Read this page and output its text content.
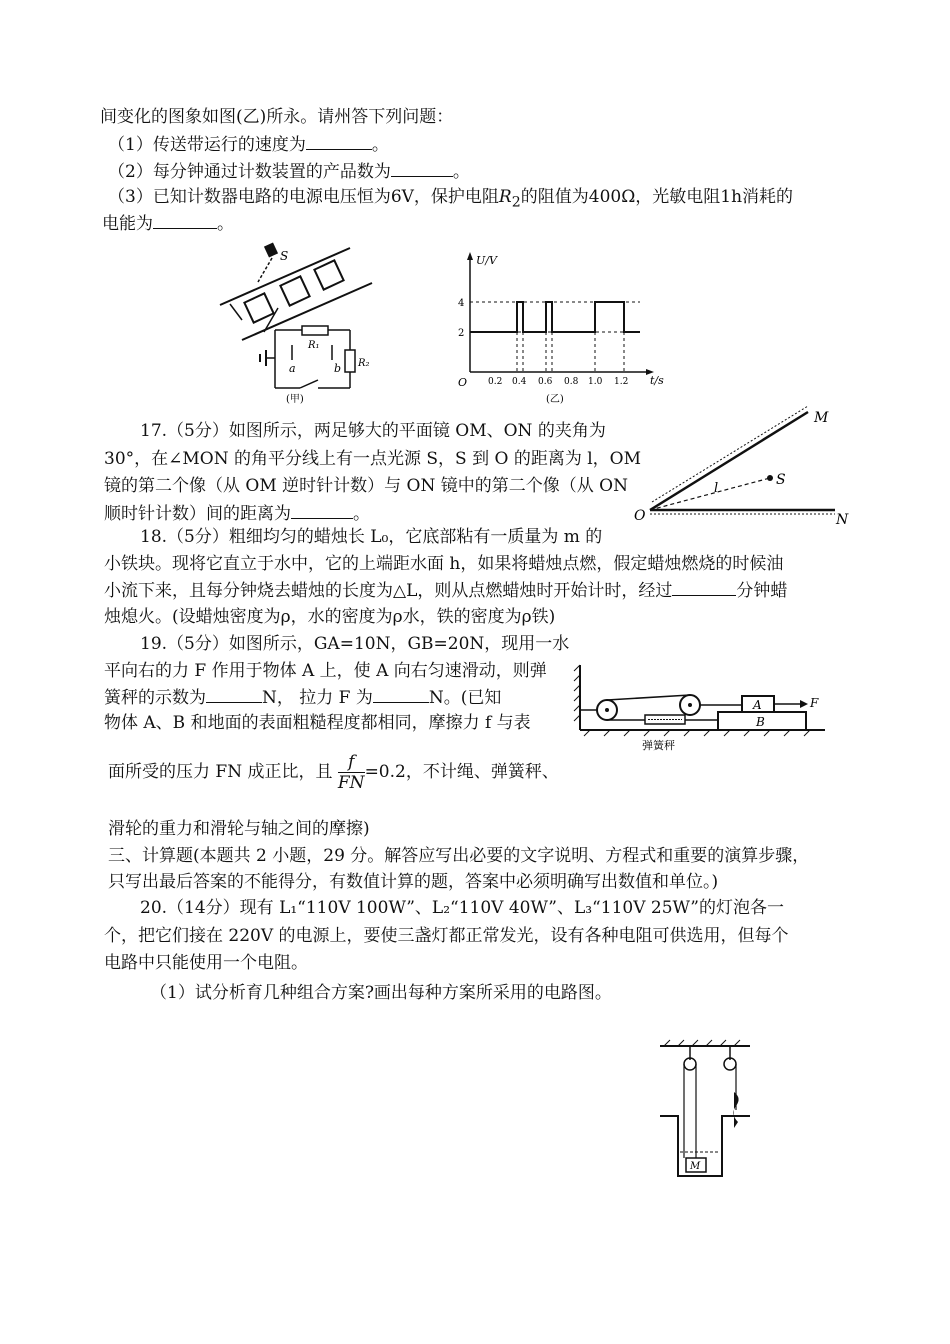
间变化的图象如图(乙)所永。请州答下列问题：
（1）传送带运行的速度为	。
（2）每分钟通过计数装置的产品数为	。
（3）已知计数器电路的电源电压恒为6V，保护电阻$R_2$的阻值为400Ω，光敏电阻1h消耗的
电能为	。
S
R₁
R₂
a	b
(甲)
U/V
t/s
O
4
2
0.2 0.4 0.6 0.8 1.0 1.2
(乙)
17.（5分）如图所示，两足够大的平面镜 OM、ON 的夹角为
30°，在∠MON 的角平分线上有一点光源 S，S 到 O 的距离为 l，OM
镜的第二个像（从 OM 逆时针计数）与 ON 镜中的第二个像（从 ON
顺时针计数）间的距离为	。
M
N
O
S
l
18.（5分）粗细均匀的蜡烛长 L₀，它底部粘有一质量为 m 的
小铁块。现将它直立于水中，它的上端距水面 h，如果将蜡烛点燃，假定蜡烛燃烧的时候油
小流下来，且每分钟烧去蜡烛的长度为△L，则从点燃蜡烛时开始计时，经过	分钟蜡
烛熄火。(设蜡烛密度为ρ，水的密度为ρ水，铁的密度为ρ铁)
19.（5分）如图所示，GA=10N，GB=20N，现用一水
平向右的力 F 作用于物体 A 上，使 A 向右匀速滑动，则弹
簧秤的示数为	N， 拉力 F 为	N。(已知
物体 A、B 和地面的表面粗糙程度都相同，摩擦力 f 与表
面所受的压力 FN 成正比，且 $\frac{f}{FN} =0.2$，不计绳、弹簧秤、
滑轮的重力和滑轮与轴之间的摩擦)
A
B
F
弹簧秤
三、计算题(本题共 2 小题，29 分。解答应写出必要的文字说明、方程式和重要的演算步骤，
只写出最后答案的不能得分，有数值计算的题，答案中必须明确写出数值和单位。)
20.（14分）现有 L₁“110V 100W”、L₂“110V 40W”、L₃“110V 25W”的灯泡各一
个，把它们接在 220V 的电源上，要使三盏灯都正常发光，设有各种电阻可供选用，但每个
电路中只能使用一个电阻。
（1）试分析育几种组合方案?画出每种方案所采用的电路图。
M
